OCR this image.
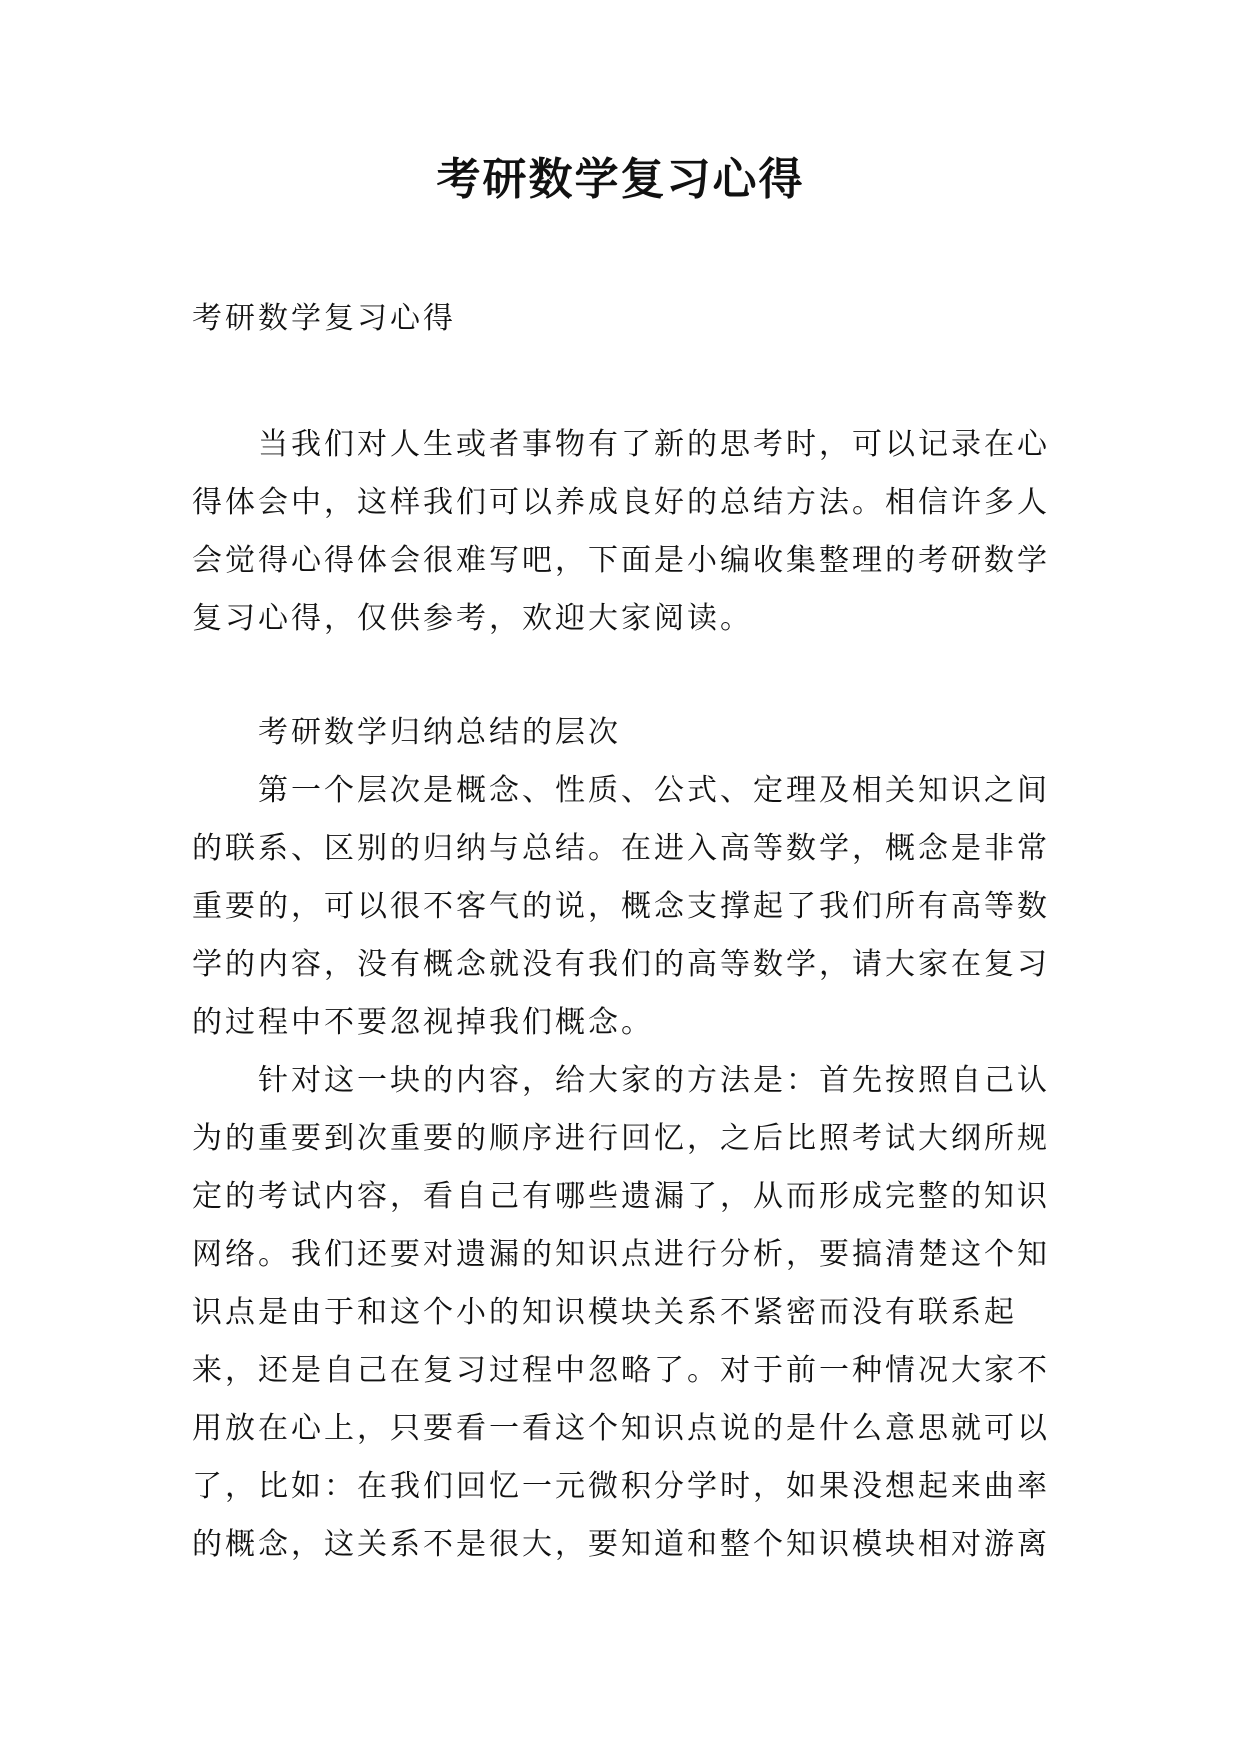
考研数学复习心得
考研数学复习心得
当我们对人生或者事物有了新的思考时，可以记录在心
得体会中，这样我们可以养成良好的总结方法。相信许多人
会觉得心得体会很难写吧，下面是小编收集整理的考研数学
复习心得，仅供参考，欢迎大家阅读。
考研数学归纳总结的层次
第一个层次是概念、性质、公式、定理及相关知识之间
的联系、区别的归纳与总结。在进入高等数学，概念是非常
重要的，可以很不客气的说，概念支撑起了我们所有高等数
学的内容，没有概念就没有我们的高等数学，请大家在复习
的过程中不要忽视掉我们概念。
针对这一块的内容，给大家的方法是：首先按照自己认
为的重要到次重要的顺序进行回忆，之后比照考试大纲所规
定的考试内容，看自己有哪些遗漏了，从而形成完整的知识
网络。我们还要对遗漏的知识点进行分析，要搞清楚这个知
识点是由于和这个小的知识模块关系不紧密而没有联系起
来，还是自己在复习过程中忽略了。对于前一种情况大家不
用放在心上，只要看一看这个知识点说的是什么意思就可以
了，比如：在我们回忆一元微积分学时，如果没想起来曲率
的概念，这关系不是很大，要知道和整个知识模块相对游离
